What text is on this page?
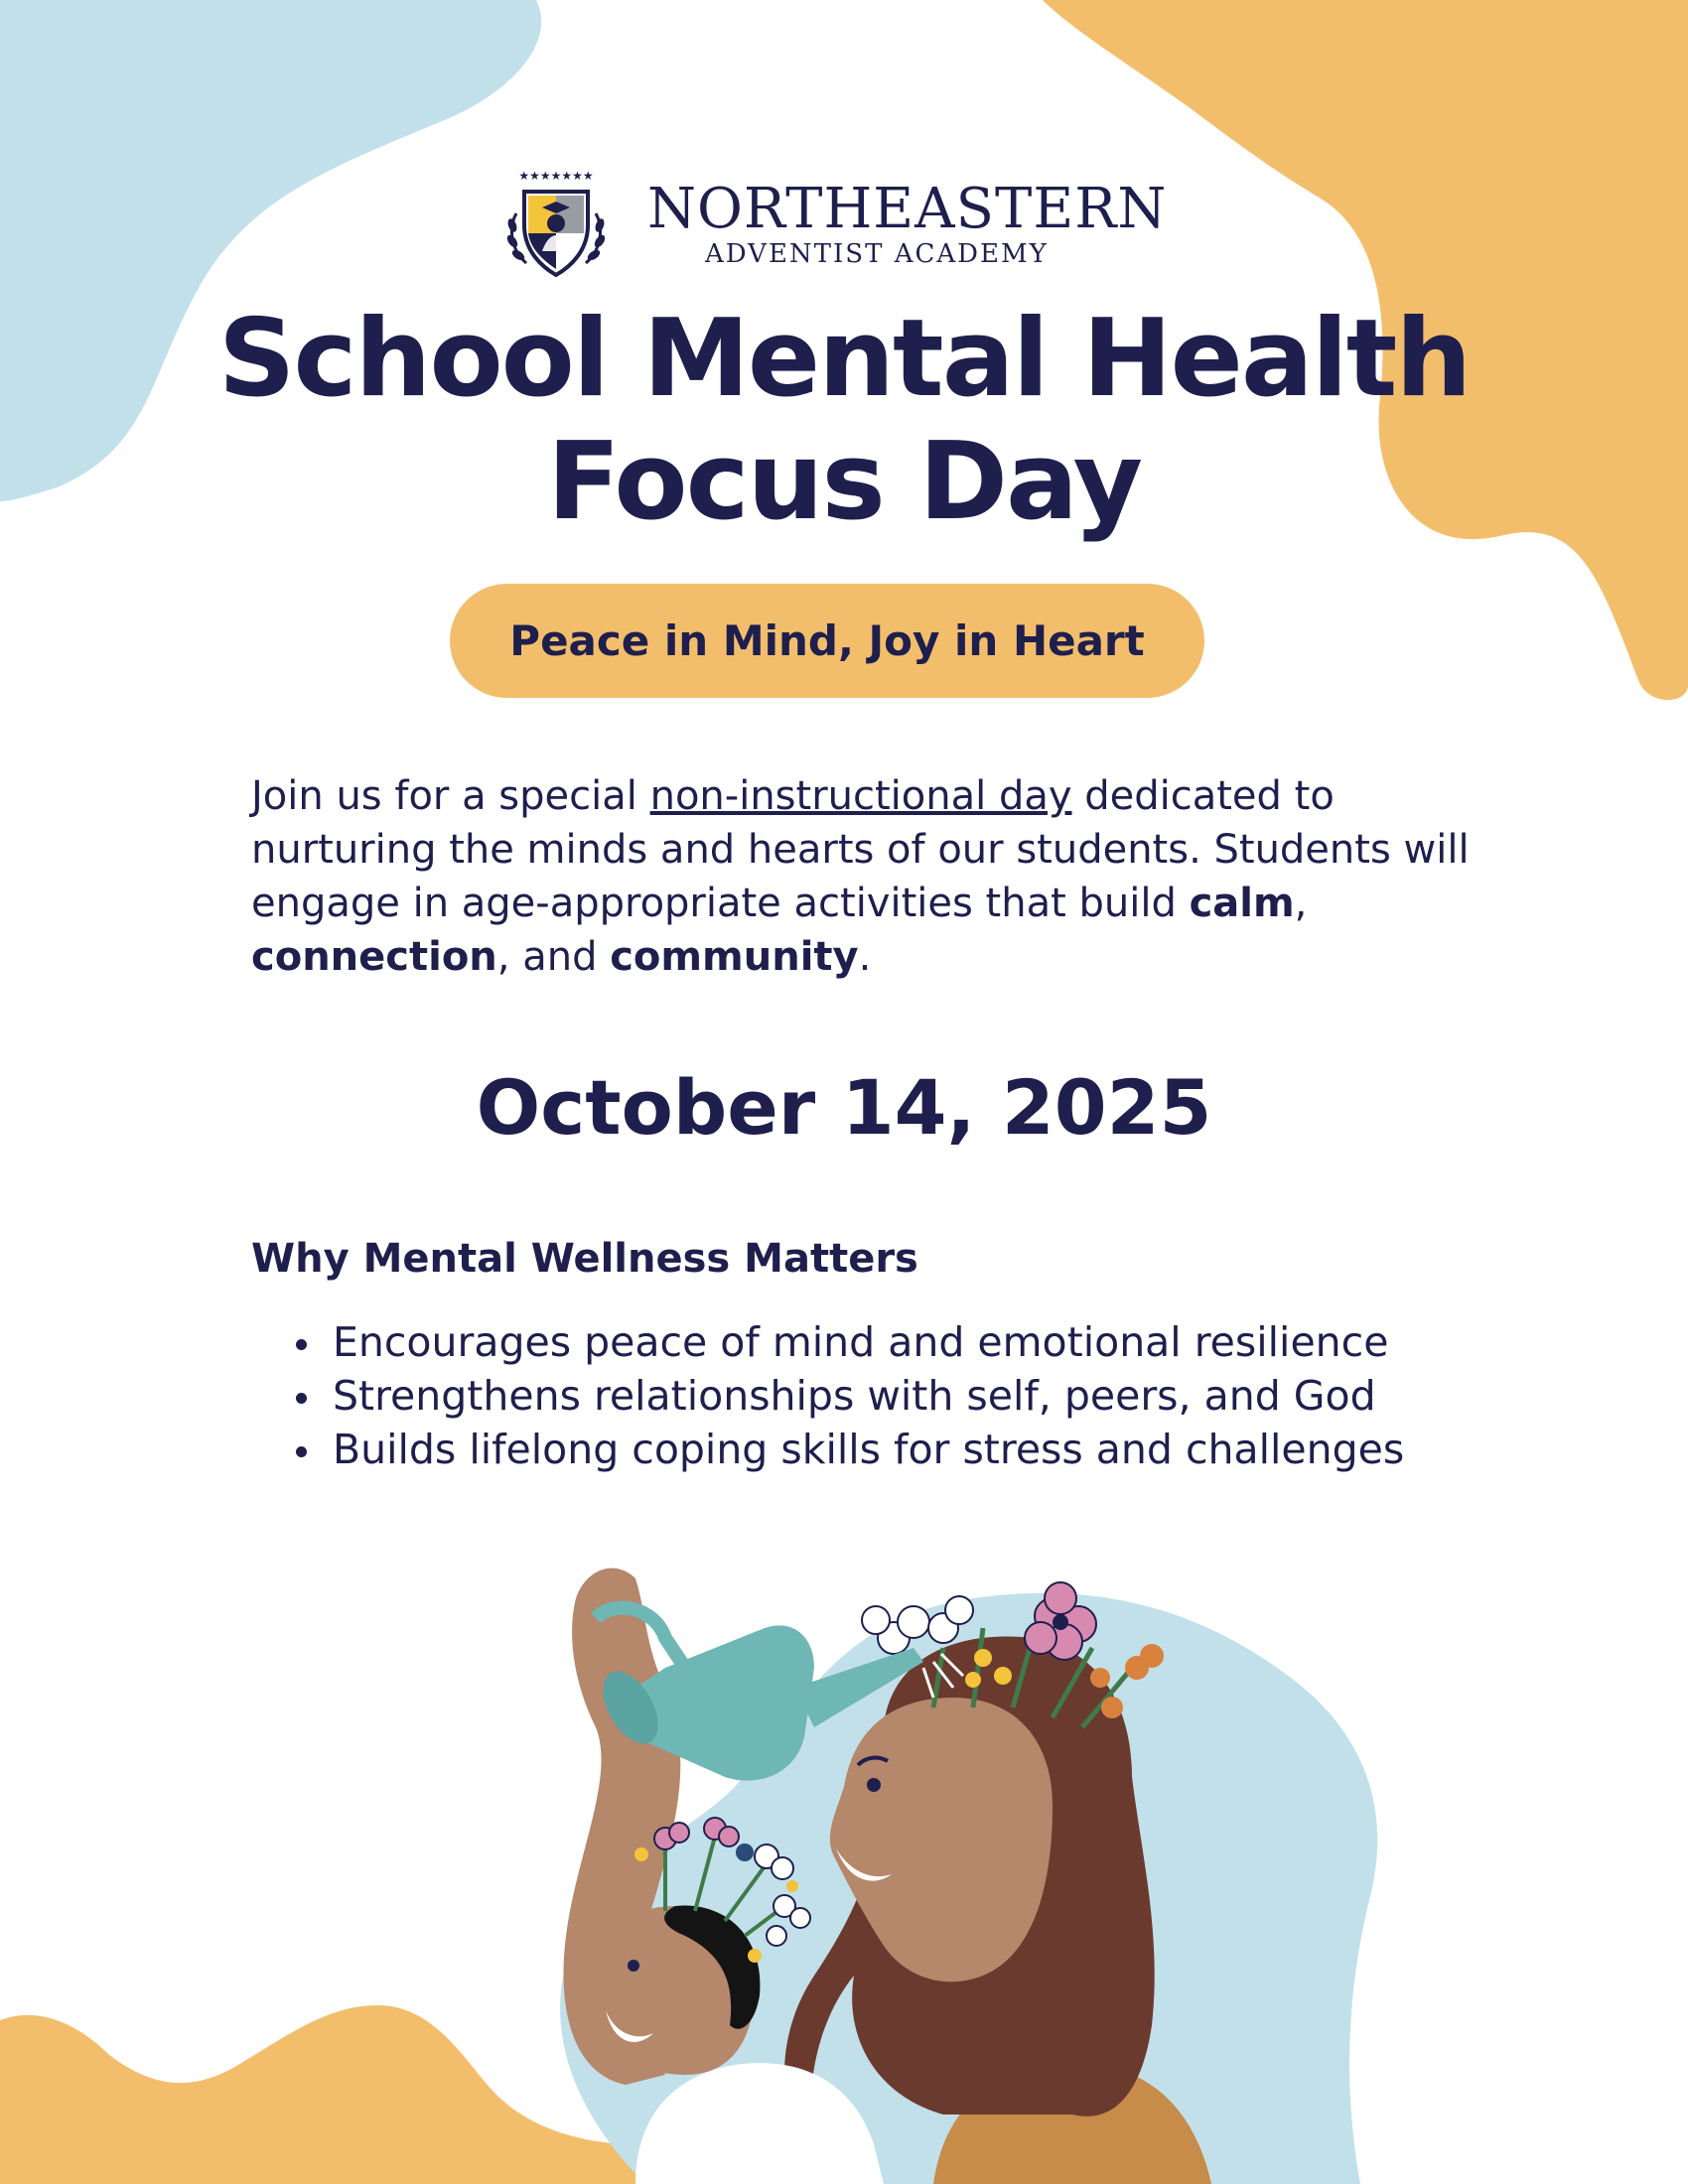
★★★★★★★
NORTHEASTERN
ADVENTIST ACADEMY
School Mental Health Focus Day
Peace in Mind, Joy in Heart

Join us for a special non-instructional day dedicated to nurturing the minds and hearts of our students. Students will engage in age-appropriate activities that build calm, connection, and community.

October 14, 2025
Why Mental Wellness Matters
Encourages peace of mind and emotional resilience
Strengthens relationships with self, peers, and God
Builds lifelong coping skills for stress and challenges
